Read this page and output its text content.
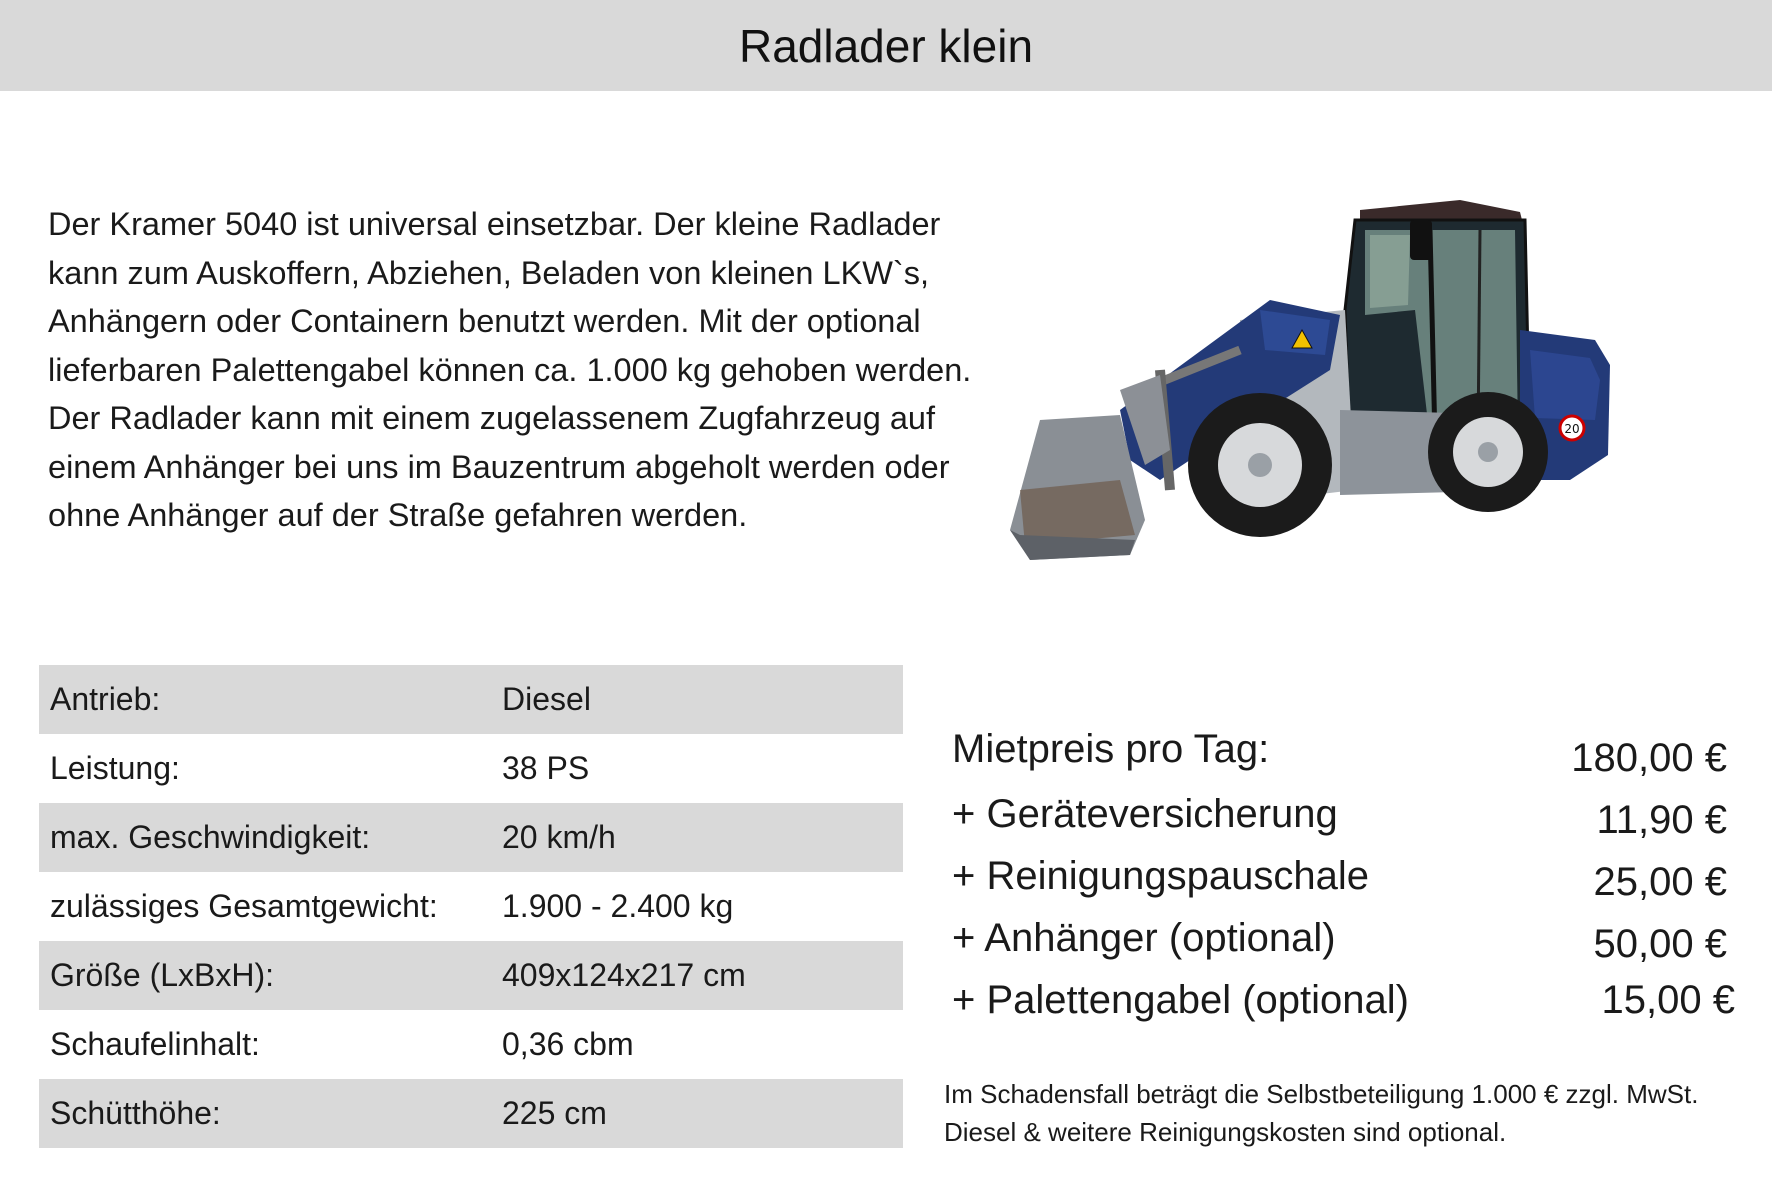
Radlader klein

Der Kramer 5040 ist universal einsetzbar. Der kleine Radlader

kann zum Auskoffern, Abziehen, Beladen von kleinen LKW`s,

Anhängern oder Containern benutzt werden. Mit der optional

lieferbaren Palettengabel können ca. 1.000 kg gehoben werden.

Der Radlader kann mit einem zugelassenem Zugfahrzeug auf

einem Anhänger bei uns im Bauzentrum abgeholt werden oder

ohne Anhänger auf der Straße gefahren werden.

20
Antrieb:	Diesel
Leistung:	38 PS
max. Geschwindigkeit:	20 km/h
zulässiges Gesamtgewicht:	1.900 - 2.400 kg
Größe (LxBxH):	409x124x217 cm
Schaufelinhalt:	0,36 cbm
Schütthöhe:	225 cm
Mietpreis pro Tag:	180,00 €
+ Geräteversicherung	11,90 €
+ Reinigungspauschale	25,00 €
+ Anhänger (optional)	50,00 €
+ Palettengabel (optional)	15,00 €

Im Schadensfall beträgt die Selbstbeteiligung 1.000 € zzgl. MwSt.

Diesel & weitere Reinigungskosten sind optional.
